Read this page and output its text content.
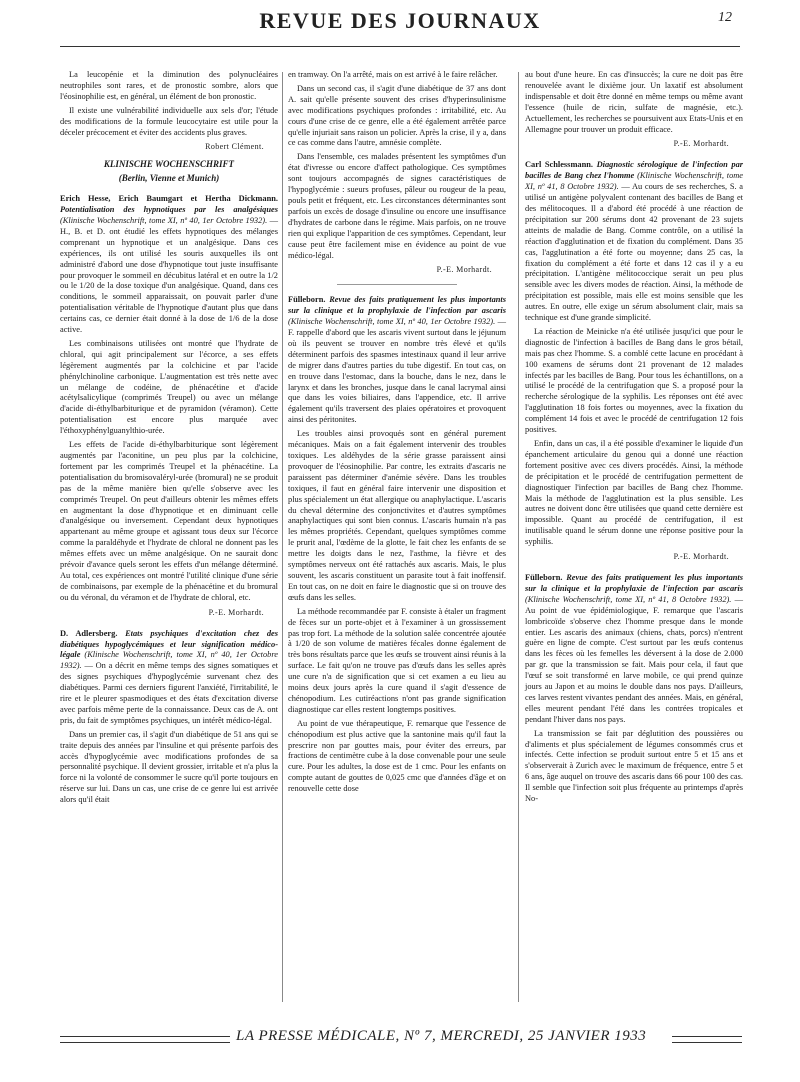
REVUE DES JOURNAUX	12

La leucopénie et la diminution des polynucléaires neutrophiles sont rares, et de pronostic sombre, alors que l'éosinophilie est, en général, un élément de bon pronostic.

Il existe une vulnérabilité individuelle aux sels d'or; l'étude des modifications de la formule leucocytaire est utile pour la déceler précocement et éviter des accidents plus graves.

Robert Clément.

KLINISCHE WOCHENSCHRIFT

(Berlin, Vienne et Munich)

Erich Hesse, Erich Baumgart et Hertha Dickmann. Potentialisation des hypnotiques par les analgésiques (Klinische Wochenschrift, tome XI, nº 40, 1er Octobre 1932). — H., B. et D. ont étudié les effets hypnotiques des mélanges comprenant un hypnotique et un analgésique. Dans ces expériences, ils ont utilisé les souris auxquelles ils ont administré d'abord une dose d'hypnotique tout juste insuffisante pour provoquer le sommeil en décubitus latéral et en outre la 1/2 ou le 1/20 de la dose toxique d'un analgésique. Quand, dans ces conditions, le sommeil apparaissait, on pouvait parler d'une potentialisation véritable de l'hypnotique d'autant plus que dans certains cas, ce dernier était donné à la dose de 1/6 de la dose active.

Les combinaisons utilisées ont montré que l'hydrate de chloral, qui agit principalement sur l'écorce, a ses effets légèrement augmentés par la colchicine et par l'acide phénylchinoline carbonique. L'augmentation est très nette avec un mélange de codéine, de phénacétine et d'acide acétylsalicylique (comprimés Treupel) ou avec un mélange d'acide di-éthylbarbiturique et de pyramidon (véramon). Cette potentialisation est encore plus marquée avec l'éthoxyphénylguanylthio-urée.

Les effets de l'acide di-éthylbarbiturique sont légèrement augmentés par l'aconitine, un peu plus par la colchicine, fortement par les comprimés Treupel et la phénacétine. La potentialisation du bromisovaléryl-urée (bromural) ne se produit pas de la même manière bien qu'elle s'observe avec les comprimés Treupel. On peut d'ailleurs obtenir les mêmes effets en augmentant la dose d'hypnotique et en diminuant celle d'analgésique ou inversement. Cependant deux hypnotiques appartenant au même groupe et agissant tous deux sur l'écorce comme la paraldéhyde et l'hydrate de chloral ne donnent pas les mêmes effets avec un même analgésique. On ne saurait donc prévoir d'avance quels seront les effets d'un mélange déterminé. Au total, ces expériences ont montré l'utilité clinique d'une série de combinaisons, par exemple de la phénacétine et du bromural ou du véronal, du véramon et de l'hydrate de chloral, etc.

P.-E. Morhardt.

D. Adlersberg. Etats psychiques d'excitation chez des diabétiques hypoglycémiques et leur signification médico-légale (Klinische Wochenschrift, tome XI, nº 40, 1er Octobre 1932). — On a décrit en même temps des signes somatiques et des signes psychiques d'hypoglycémie survenant chez des diabétiques. Parmi ces derniers figurent l'anxiété, l'irritabilité, le rire et le pleurer spasmodiques et des états d'excitation diverse avec parfois même perte de la connaissance. Deux cas de A. ont pris, du fait de symptômes psychiques, un intérêt médico-légal.

Dans un premier cas, il s'agit d'un diabétique de 51 ans qui se traite depuis des années par l'insuline et qui présente parfois des accès d'hypoglycémie avec modifications profondes de sa personnalité psychique. Il devient grossier, irritable et n'a plus la force ni la volonté de consommer le sucre qu'il porte toujours en réserve sur lui. Dans un cas, une crise de ce genre lui est arrivée alors qu'il était

en tramway. On l'a arrêté, mais on est arrivé à le faire relâcher.

Dans un second cas, il s'agit d'une diabétique de 37 ans dont A. sait qu'elle présente souvent des crises d'hyperinsulinisme avec modifications psychiques profondes : irritabilité, etc. Au cours d'une crise de ce genre, elle a été également arrêtée parce qu'elle injuriait sans raison un policier. Après la crise, il y a, dans ce cas comme dans l'autre, amnésie complète.

Dans l'ensemble, ces malades présentent les symptômes d'un état d'ivresse ou encore d'affect pathologique. Ces symptômes sont toujours accompagnés de signes caractéristiques de l'hypoglycémie : sueurs profuses, pâleur ou rougeur de la peau, pouls petit et fréquent, etc. Les circonstances déterminantes sont parfois un excès de dosage d'insuline ou encore une insuffisance d'hydrates de carbone dans le régime. Mais parfois, on ne trouve rien qui explique l'apparition de ces symptômes. Cependant, leur cause peut être facilement mise en évidence au point de vue médico-légal.

P.-E. Morhardt.

Fülleborn. Revue des faits pratiquement les plus importants sur la clinique et la prophylaxie de l'infection par ascaris (Klinische Wochenschrift, tome XI, nº 40, 1er Octobre 1932). — F. rappelle d'abord que les ascaris vivent surtout dans le jéjunum où ils peuvent se trouver en nombre très élevé et qu'ils déterminent parfois des spasmes intestinaux quand il leur arrive de migrer dans d'autres parties du tube digestif. En tout cas, on en trouve dans l'estomac, dans la bouche, dans le nez, dans le larynx et dans les bronches, jusque dans le canal lacrymal ainsi que dans les voies biliaires, dans l'appendice, etc. Il arrive également qu'ils traversent des plaies opératoires et provoquent ainsi des péritonites.

Les troubles ainsi provoqués sont en général purement mécaniques. Mais on a fait également intervenir des troubles toxiques. Les aldéhydes de la série grasse paraissent ainsi provoquer de l'éosinophilie. Par contre, les extraits d'ascaris ne paraissent pas déterminer d'anémie sévère. Dans les troubles toxiques, il faut en général faire intervenir une disposition et plus spécialement un état allergique ou anaphylactique. L'ascaris du cheval détermine des conjonctivites et d'autres symptômes anaphylactiques qui sont bien connus. L'ascaris humain n'a pas les mêmes propriétés. Cependant, quelques symptômes comme le prurit anal, l'œdème de la glotte, le fait chez les enfants de se mettre les doigts dans le nez, l'asthme, la fièvre et des symptômes nerveux ont été rattachés aux ascaris. Mais, le plus souvent, les ascaris constituent un parasite tout à fait inoffensif. En tout cas, on ne doit en faire le diagnostic que si on trouve des œufs dans les selles.

La méthode recommandée par F. consiste à étaler un fragment de fèces sur un porte-objet et à l'examiner à un grossissement pas trop fort. La méthode de la solution salée concentrée ajoutée à 1/20 de son volume de matières fécales donne également de très bons résultats parce que les œufs se trouvent ainsi réunis à la surface. Le fait qu'on ne trouve pas d'œufs dans les selles après une cure n'a de signification que si cet examen a eu lieu au moins deux jours après la cure quand il s'agit d'essence de chénopodium. Les cutiréactions n'ont pas grande signification diagnostique car elles restent longtemps positives.

Au point de vue thérapeutique, F. remarque que l'essence de chénopodium est plus active que la santonine mais qu'il faut la prescrire non par gouttes mais, pour éviter des erreurs, par fractions de centimètre cube à la dose convenable pour une seule cure. Pour les adultes, la dose est de 1 cmc. Pour les enfants on compte autant de gouttes de 0,025 cmc que d'années d'âge et on renouvelle cette dose

au bout d'une heure. En cas d'insuccès; la cure ne doit pas être renouvelée avant le dixième jour. Un laxatif est absolument indispensable et doit être donné en même temps ou même avant l'essence (huile de ricin, sulfate de magnésie, etc.). Actuellement, les recherches se poursuivent aux Etats-Unis et en Allemagne pour trouver un produit efficace.

P.-E. Morhardt.

Carl Schlessmann. Diagnostic sérologique de l'infection par bacilles de Bang chez l'homme (Klinische Wochenschrift, tome XI, nº 41, 8 Octobre 1932). — Au cours de ses recherches, S. a utilisé un antigène polyvalent contenant des bacilles de Bang et des mélitocoques. Il a d'abord été procédé à une réaction de précipitation sur 200 sérums dont 42 provenant de 23 sujets atteints de maladie de Bang. Comme contrôle, on a utilisé la réaction d'agglutination et de fixation du complément. Dans 35 cas, l'agglutination a été forte ou moyenne; dans 25 cas, la fixation du complément a été forte et dans 12 cas il y a eu précipitation. L'antigène mélitococcique serait un peu plus sensible avec les divers modes de réaction. Ainsi, la méthode de précipitation est possible, mais elle est moins sensible que les autres. En outre, elle exige un sérum absolument clair, mais sa technique est d'une grande simplicité.

La réaction de Meinicke n'a été utilisée jusqu'ici que pour le diagnostic de l'infection à bacilles de Bang dans le gros bétail, mais pas chez l'homme. S. a comblé cette lacune en procédant à 100 examens de sérums dont 21 provenant de 12 malades infectés par les bacilles de Bang. Pour tous les échantillons, on a utilisé le procédé de la centrifugation que S. a proposé pour la recherche sérologique de la syphilis. Les réponses ont été avec l'agglutination 18 fois fortes ou moyennes, avec la fixation du complément 14 fois et avec le procédé de centrifugation 12 fois positives.

Enfin, dans un cas, il a été possible d'examiner le liquide d'un épanchement articulaire du genou qui a donné une réaction fortement positive avec ces divers procédés. Ainsi, la méthode de précipitation et le procédé de centrifugation permettent de diagnostiquer l'infection par bacilles de Bang chez l'homme. Mais la méthode de l'agglutination est la plus sensible. Les autres ne doivent donc être utilisées que quand cette dernière est impossible. Quant au procédé de centrifugation, il est inutilisable quand le sérum donne une réponse positive pour la syphilis.

P.-E. Morhardt.

Fülleborn. Revue des faits pratiquement les plus importants sur la clinique et la prophylaxie de l'infection par ascaris (Klinische Wochenschrift, tome XI, nº 41, 8 Octobre 1932). — Au point de vue épidémiologique, F. remarque que l'ascaris lombricoïde s'observe chez l'homme presque dans le monde entier. Les ascaris des animaux (chiens, chats, porcs) n'entrent guère en ligne de compte. C'est surtout par les œufs contenus dans les fèces où les femelles les déversent à la dose de 2.000 par gr. que la transmission se fait. Mais pour cela, il faut que l'œuf se soit transformé en larve mobile, ce qui prend quinze jours au Japon et au moins le double dans nos pays. D'ailleurs, ces larves restent vivantes pendant des années. Mais, en général, elles meurent pendant l'été dans les contrées tropicales et pendant l'hiver dans nos pays.

La transmission se fait par déglutition des poussières ou d'aliments et plus spécialement de légumes consommés crus et infectés. Cette infection se produit surtout entre 5 et 15 ans et s'observerait à Zurich avec le maximum de fréquence, entre 5 et 6 ans, âge auquel on trouve des ascaris dans 66 pour 100 des cas. Il semble que l'infection soit plus fréquente au printemps d'après No-

LA PRESSE MÉDICALE, Nº 7, MERCREDI, 25 JANVIER 1933
